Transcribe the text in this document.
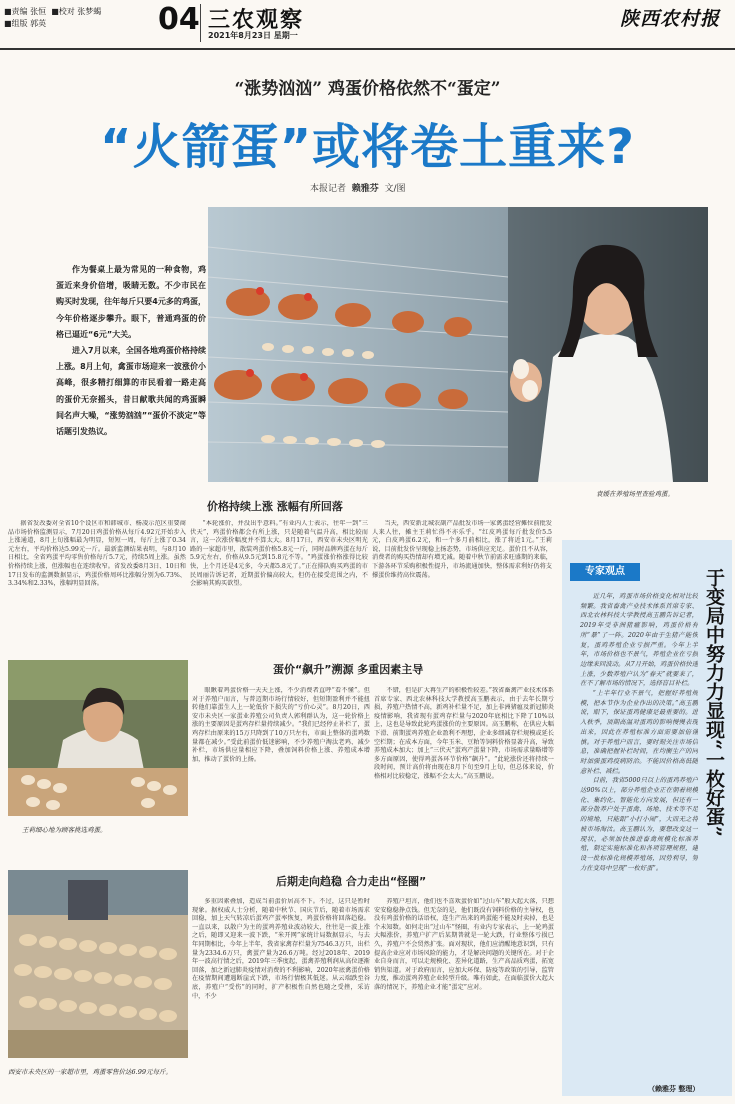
■责编 张恒 ■校对 张梦蝎
■组版 郭英	04 三农观察
2021年8月23日 星期一
陕西农村报
“涨势汹汹” 鸡蛋价格依然不“蛋定”
“火箭蛋”或将卷土重来?
本报记者 赖雅芬 文/图

作为餐桌上最为常见的一种食物，鸡蛋近来身价倍增，吸睛无数。不少市民在购买时发现，往年每斤只要4元多的鸡蛋，今年价格逐步攀升。眼下，普通鸡蛋的价格已逼近“6元”大关。

进入7月以来，全国各地鸡蛋价格持续上涨。8月上旬，禽蛋市场迎来一波涨价小高峰，很多精打细算的市民看着一路走高的蛋价无奈摇头，昔日献歌共闻的鸡蛋瞬间名声大噪，“涨势汹汹”“蛋价不淡定”等话题引发热议。

袁媛在养殖场里查验鸡蛋。
价格持续上涨 涨幅有所回落

据省发改委对全省10个设区市和韩城市、杨凌示范区重要商品市场价格监测显示，7月20日鸡蛋价格从每斤4.92元开始步入上涨通道，8月上旬涨幅最为明显，短短一周，每斤上涨了0.34元左右，平均价格达5.99元一斤。最新监测结果表明，与8月10日相比，全省鸡蛋平均零售价格每斤5.7元，持续5周上涨。虽然价格持续上涨，但涨幅也在连续收窄。省发改委8月3日、10日和17日发布的监测数据显示，鸡蛋价格周环比涨幅分别为6.73%、3.34%和2.33%，涨幅明显回落。

“本轮涨价，并没出乎意料。”有业内人士表示，往年一到“三伏天”，鸡蛋价格都会有所上涨，只是随着气温升高，相比较而言，这一次涨价幅度并不算太大。8月17日，西安市未央区明光路的一家超市里，散装鸡蛋价格5.8元一斤，同时品牌鸡蛋在每斤5.9元左右，价格从9.5元到15.8元不等。“鸡蛋涨价格涨得比较快，上个月还是4元多，今天都5.8元了。”正在排队购买鸡蛋的市民周丽告诉记者，近期蛋价偏高较大，但仍在接受范围之内，不会影响其购买欲望。

当天，西安新北城农副产品批发市场一家禽蛋经营摊位前批发人来人往，摊主王莉忙得不亦乐乎。“红皮鸡蛋每斤批发价5.5元，白皮鸡蛋6.2元，和一个多月前相比，涨了将近1元。”王莉说，目前批发价呈现稳上扬态势，市场供应充足。蛋价且不从容，消费者的购买热情却有增无减。随着中秋节前需求旺盛期的来临，下游各环节采购积极性提升，市场流通加快，整体需求利好仍将支撑蛋价维持高位震荡。

蛋价“飙升”溯源 多重因素主导
王莉细心地为顾客挑选鸡蛋。

眼瞅着鸡蛋价格一天天上涨，不少消费者直呼“看不懂”。但对于养殖户而言，与普迈期市场行情较好，但短期盈利并不能扭转他们靠蛋生人上一轮低价下损失的“亏价心灵”。8月20日，西安市未央区一家蛋业养殖公司负责人郭利群认为，这一轮价格上涨的主要原因是蛋鸡存栏量持续减少。“我们已经停止补栏了，蛋鸡存栏由原来的15万只降到了10万只左右，市面上整体的蛋鸡数量都在减少。”受此前蛋价低迷影响，不少养殖户淘汰老鸡、减少补栏，市场供应量相应下降，叠加饲料价格上涨、养殖成本增加，推动了蛋价的上扬。

不错，但是扩大再生产的积极性较差。”我省畜禽产业技术体系首席专家、西北农林科技大学教授高玉鹏表示，由于去年长期亏损，养殖户热情不高，新鸡补栏量不足，加上非洲猪瘟及新冠肺炎疫情影响，我省现有蛋鸡存栏量与2020年底相比下降了10%以上，这也是导致此轮鸡蛋涨价的主要原因。高玉鹏称，在供应大幅下滑、前期蛋鸡养殖企业盈利不理想，企业多细减存栏规模或延长空栏期；在成本方面，今年玉米、豆粕等饲料价格显著升高，导致养殖成本加大；加上“三伏天”蛋鸡产蛋量下降，市场需求量略增等多方面原因，使得鸡蛋各环节价格“飙升”。“此轮涨价还将持续一段时间，预计高价将由现在8月下旬至9月上旬，但总体来说，价格相对比较稳定，涨幅不会太大。”高玉鹏说。

后期走向趋稳 合力走出“怪圈”
西安市未央区的一家超市里，鸡蛋零售价达6.99元每斤。

多重因素叠加，造成当前蛋价居高不下。不过，这只是暂时现象。据权威人士分析，随着中秋节、国庆节后，随着市场需求回稳，加上天气转凉后蛋鸡产蛋率恢复，鸡蛋价格将回落趋稳。一直以来，以散户为主的蛋鸡养殖业波动较大，往往是一波上涨之后，随即又迎来一波下跌，“米开网”家统计局数据显示，与去年同期相比，今年上半年，我省家禽存栏量为7546.3万只，出栏量为2334.6万只，禽蛋产量为26.6万吨。经过2018年、2019年一波高行情之后，2019年三季度起，蛋禽养殖利润从高位逐渐回落，加之新冠肺炎疫情对消费的不利影响，2020年底禽蛋价格在疫情期间遭遇断崖式下跌，市场行情极其低迷。从云端跌至谷底，养殖户“受伤”的同时，扩产积极性自然也随之受挫，采访中，不少

养殖户坦言，他们也不喜欢蛋价如“过山车”般大起大落，只想安安稳稳挣点钱。但无奈的是，他们既没有饲料价格的主导权，也没有鸡蛋价格的话语权，连生产出来的鸡蛋能不能及时卖掉，也是个未知数。如何走出“过山车”怪圈，有业内专家表示，上一轮鸡蛋大幅涨价，养殖户扩产后某期普就是一轮大跌，行业整体亏损已久，养殖户不会贸然扩张。面对现状，他们应清醒地意识到，只有提高企业应对市场风险的能力，才是解决问题的关键所在。对于企业自身而言，可以走规模化、差异化道路，生产高品质鸡蛋，拓宽销售渠道。对于政府而言，应加大环保、防疫等政策的引导，监管力度，推动蛋鸡养殖企业转型升级。唯有如此，在面临蛋价大起大落的情况下，养殖企业才能“蛋定”应对。

专家观点	于变局中努力力显现“一枚好蛋”

近几年，鸡蛋市场价格变化相对比较频繁。我省畜禽产业技术体系首席专家、西北农林科技大学教授高玉鹏告诉记者，2019年受非洲猪瘟影响，鸡蛋价格有所“暴”了一阵。2020年由于生猪产能恢复，蛋鸡养殖企业亏损严重。今年上半年，市场价格也不景气，养殖企业在亏损边缘来回波动。从7月开始，鸡蛋价格快速上涨，少数养殖户认为“春天”就要来了，在不了解市场的情况下，选择盲目补栏。

“上半年行业不景气，把握好养殖规模，把本节作为企业作出的决策。”高玉鹏说，眼下，保证蛋鸡健康是最重要的。进入秋季，顶期高温对蛋鸡的影响慢慢表现出来，因此在养殖标准方面需要加倍谨慎。对于养殖户而言，要时刻关注市场信息，准确把握补栏时间，在均衡生产的同时加强蛋鸡疫病防治。不能因价格高低随意补栏、减栏。

目前，我省5000只以上的蛋鸡养殖户达90%以上，部分养殖企业正在朝着规模化、集约化、智能化方向发展，但还有一部分散养户处于蛋禽、场地、技术等不足的境地，只能跟“小打小闹”，大而无之将被市场淘汰。高玉鹏认为，要想改变这一现状，必须加快推进畜禽规模化标准养殖，制定实施标准化和各项管理规程，建设一批标准化规模养殖场，因势利导，努力在变局中呈现“一枚好蛋”。

（赖雅芬 整理）
